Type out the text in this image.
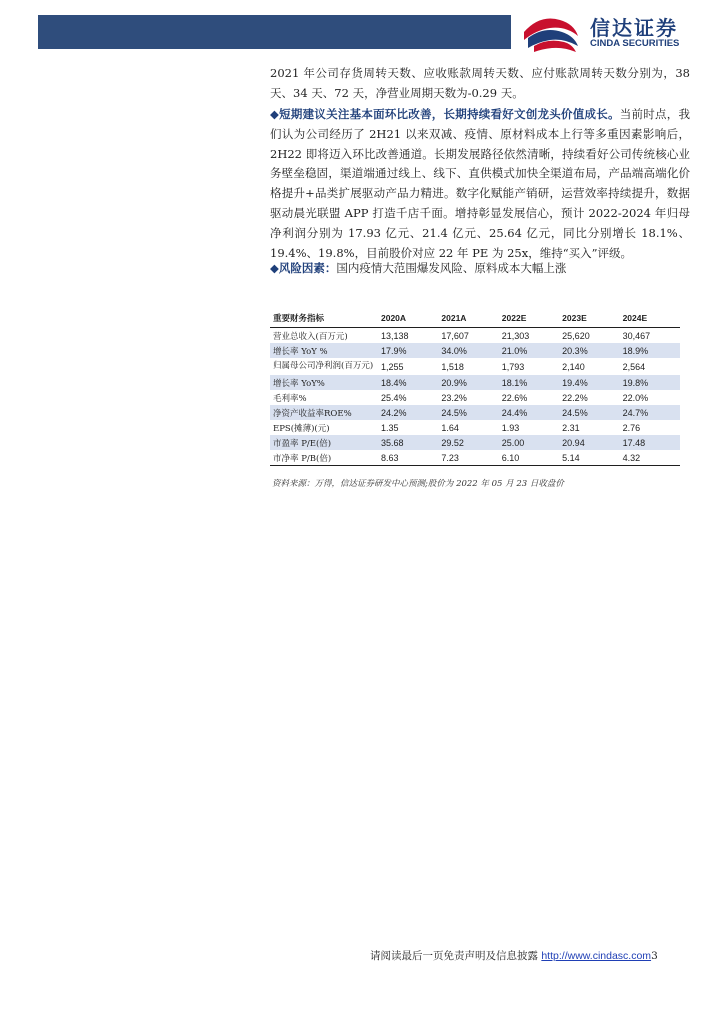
信达证券
CINDA SECURITIES

2021 年公司存货周转天数、应收账款周转天数、应付账款周转天数分别为，38 天、34 天、72 天，净营业周期天数为-0.29 天。

◆短期建议关注基本面环比改善，长期持续看好文创龙头价值成长。当前时点，我们认为公司经历了 2H21 以来双减、疫情、原材料成本上行等多重因素影响后，2H22 即将迈入环比改善通道。长期发展路径依然清晰，持续看好公司传统核心业务壁垒稳固，渠道端通过线上、线下、直供模式加快全渠道布局，产品端高端化价格提升+品类扩展驱动产品力精进。数字化赋能产销研，运营效率持续提升，数据驱动晨光联盟 APP 打造千店千面。增持彰显发展信心，预计 2022-2024 年归母净利润分别为 17.93 亿元、21.4 亿元、25.64 亿元，同比分别增长 18.1%、19.4%、19.8%，目前股价对应 22 年 PE 为 25x，维持“买入”评级。

◆风险因素：国内疫情大范围爆发风险、原料成本大幅上涨

重要财务指标	2020A	2021A	2022E	2023E	2024E
营业总收入(百万元)	13,138	17,607	21,303	25,620	30,467
增长率 YoY %	17.9%	34.0%	21.0%	20.3%	18.9%
归属母公司净利润(百万元)	1,255	1,518	1,793	2,140	2,564
增长率 YoY%	18.4%	20.9%	18.1%	19.4%	19.8%
毛利率%	25.4%	23.2%	22.6%	22.2%	22.0%
净资产收益率ROE%	24.2%	24.5%	24.4%	24.5%	24.7%
EPS(摊薄)(元)	1.35	1.64	1.93	2.31	2.76
市盈率 P/E(倍)	35.68	29.52	25.00	20.94	17.48
市净率 P/B(倍)	8.63	7.23	6.10	5.14	4.32
资料来源：万得，信达证券研发中心预测;股价为 2022 年 05 月 23 日收盘价
请阅读最后一页免责声明及信息披露 http://www.cindasc.com3
